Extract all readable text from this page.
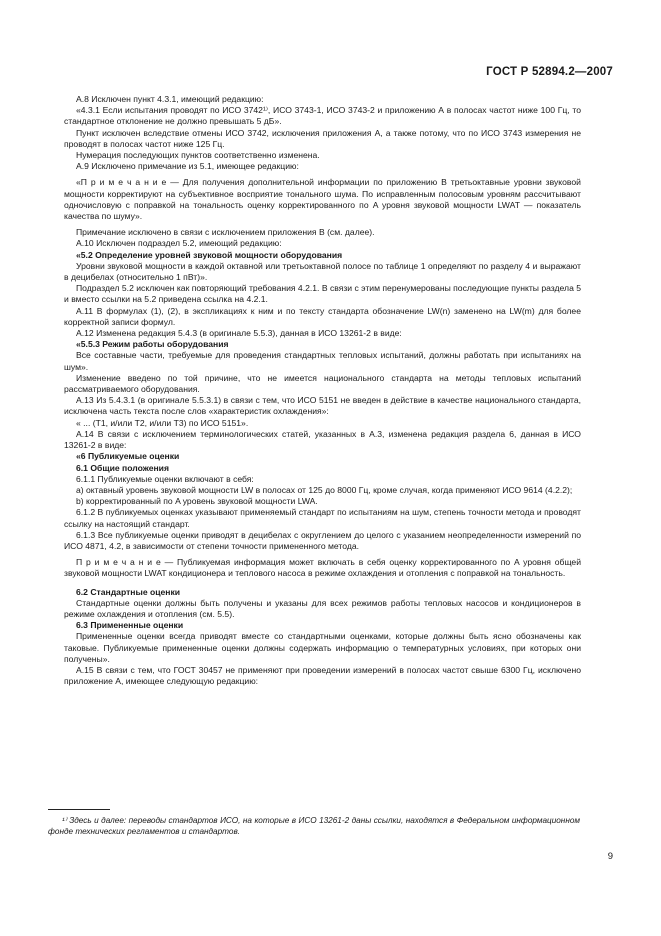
ГОСТ Р 52894.2—2007

А.8 Исключен пункт 4.3.1, имеющий редакцию:

«4.3.1 Если испытания проводят по ИСО 3742¹⁾, ИСО 3743-1, ИСО 3743-2 и приложению А в полосах частот ниже 100 Гц, то стандартное отклонение не должно превышать 5 дБ».

Пункт исключен вследствие отмены ИСО 3742, исключения приложения А, а также потому, что по ИСО 3743 измерения не проводят в полосах частот ниже 125 Гц.

Нумерация последующих пунктов соответственно изменена.

А.9 Исключено примечание из 5.1, имеющее редакцию:

«П р и м е ч а н и е — Для получения дополнительной информации по приложению В третьоктавные уровни звуковой мощности корректируют на субъективное восприятие тонального шума. По исправленным полосовым уровням рассчитывают одночисловую с поправкой на тональность оценку корректированного по A уровня звуковой мощности LWAT — показатель качества по шуму».

Примечание исключено в связи с исключением приложения В (см. далее).

А.10 Исключен подраздел 5.2, имеющий редакцию:

«5.2 Определение уровней звуковой мощности оборудования

Уровни звуковой мощности в каждой октавной или третьоктавной полосе по таблице 1 определяют по разделу 4 и выражают в децибелах (относительно 1 пВт)».

Подраздел 5.2 исключен как повторяющий требования 4.2.1. В связи с этим перенумерованы последующие пункты раздела 5 и вместо ссылки на 5.2 приведена ссылка на 4.2.1.

А.11 В формулах (1), (2), в экспликациях к ним и по тексту стандарта обозначение LW(n) заменено на LW(m) для более корректной записи формул.

А.12 Изменена редакция 5.4.3 (в оригинале 5.5.3), данная в ИСО 13261-2 в виде:

«5.5.3 Режим работы оборудования

Все составные части, требуемые для проведения стандартных тепловых испытаний, должны работать при испытаниях на шум».

Изменение введено по той причине, что не имеется национального стандарта на методы тепловых испытаний рассматриваемого оборудования.

А.13 Из 5.4.3.1 (в оригинале 5.5.3.1) в связи с тем, что ИСО 5151 не введен в действие в качестве национального стандарта, исключена часть текста после слов «характеристик охлаждения»:

« ... (T1, и/или T2, и/или T3) по ИСО 5151».

А.14 В связи с исключением терминологических статей, указанных в А.3, изменена редакция раздела 6, данная в ИСО 13261-2 в виде:

«6 Публикуемые оценки

6.1 Общие положения

6.1.1 Публикуемые оценки включают в себя:

a) октавный уровень звуковой мощности LW в полосах от 125 до 8000 Гц, кроме случая, когда применяют ИСО 9614 (4.2.2);

b) корректированный по A уровень звуковой мощности LWA.

6.1.2 В публикуемых оценках указывают применяемый стандарт по испытаниям на шум, степень точности метода и проводят ссылку на настоящий стандарт.

6.1.3 Все публикуемые оценки приводят в децибелах с округлением до целого с указанием неопределенности измерений по ИСО 4871, 4.2, в зависимости от степени точности примененного метода.

П р и м е ч а н и е — Публикуемая информация может включать в себя оценку корректированного по A уровня общей звуковой мощности LWAT кондиционера и теплового насоса в режиме охлаждения и отопления с поправкой на тональность.

6.2 Стандартные оценки

Стандартные оценки должны быть получены и указаны для всех режимов работы тепловых насосов и кондиционеров в режиме охлаждения и отопления (см. 5.5).

6.3 Примененные оценки

Примененные оценки всегда приводят вместе со стандартными оценками, которые должны быть ясно обозначены как таковые. Публикуемые примененные оценки должны содержать информацию о температурных условиях, при которых они получены».

А.15 В связи с тем, что ГОСТ 30457 не применяют при проведении измерений в полосах частот свыше 6300 Гц, исключено приложение А, имеющее следующую редакцию:

¹⁾ Здесь и далее: переводы стандартов ИСО, на которые в ИСО 13261-2 даны ссылки, находятся в Федеральном информационном фонде технических регламентов и стандартов.
9
